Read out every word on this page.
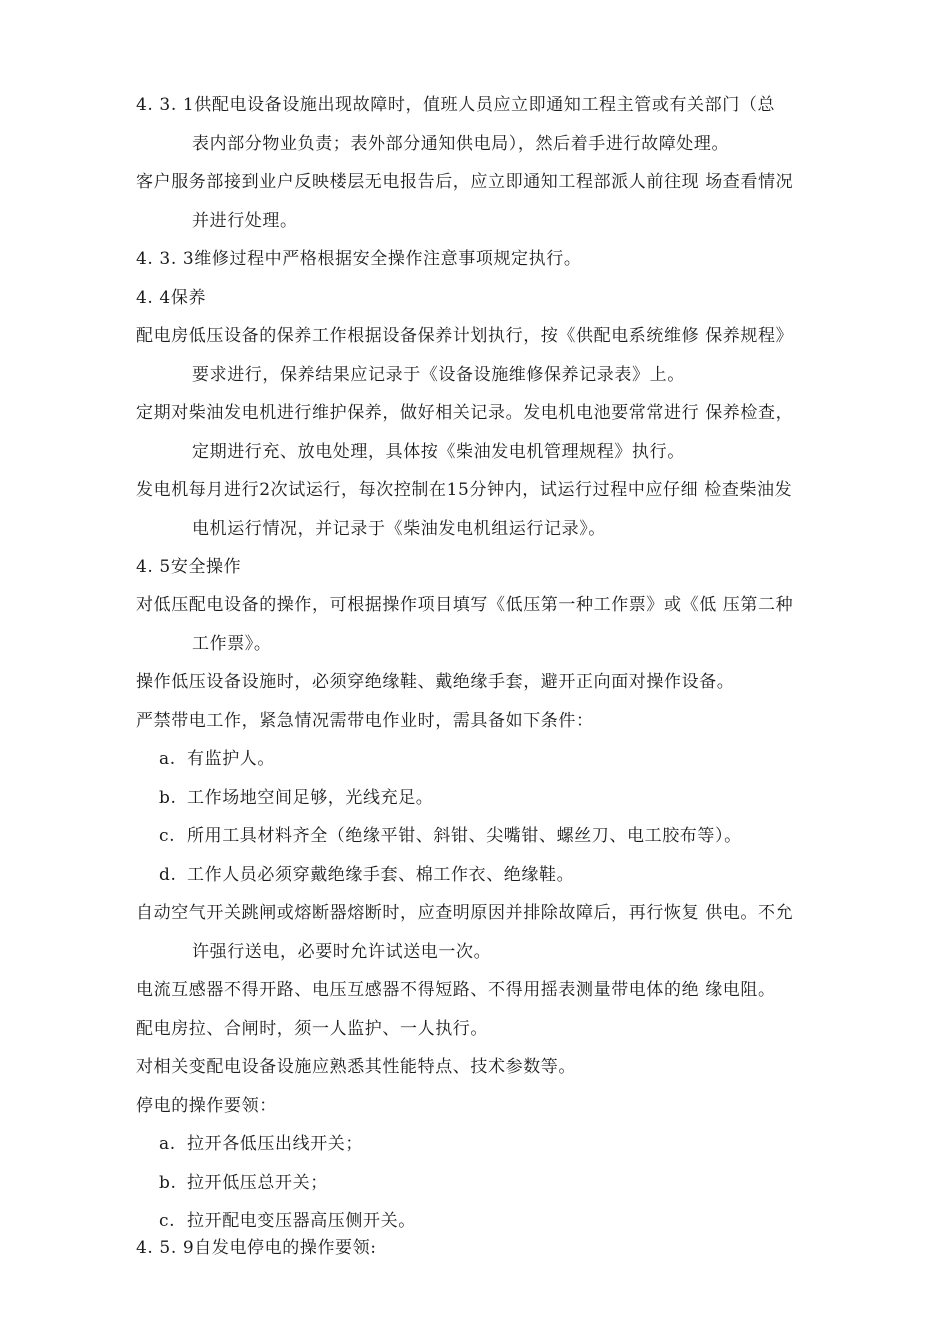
4. 3. 1供配电设备设施出现故障时，值班人员应立即通知工程主管或有关部门（总
表内部分物业负责；表外部分通知供电局），然后着手进行故障处理。
客户服务部接到业户反映楼层无电报告后，应立即通知工程部派人前往现 场查看情况
并进行处理。
4. 3. 3维修过程中严格根据安全操作注意事项规定执行。
4. 4保养
配电房低压设备的保养工作根据设备保养计划执行，按《供配电系统维修 保养规程》
要求进行，保养结果应记录于《设备设施维修保养记录表》上。
定期对柴油发电机进行维护保养，做好相关记录。发电机电池要常常进行 保养检查，
定期进行充、放电处理，具体按《柴油发电机管理规程》执行。
发电机每月进行2次试运行，每次控制在15分钟内，试运行过程中应仔细 检查柴油发
电机运行情况，并记录于《柴油发电机组运行记录》。
4. 5安全操作
对低压配电设备的操作，可根据操作项目填写《低压第一种工作票》或《低 压第二种
工作票》。
操作低压设备设施时，必须穿绝缘鞋、戴绝缘手套，避开正向面对操作设备。
严禁带电工作，紧急情况需带电作业时，需具备如下条件：
a. 有监护人。
b. 工作场地空间足够，光线充足。
c. 所用工具材料齐全（绝缘平钳、斜钳、尖嘴钳、螺丝刀、电工胶布等）。
d. 工作人员必须穿戴绝缘手套、棉工作衣、绝缘鞋。
自动空气开关跳闸或熔断器熔断时，应查明原因并排除故障后，再行恢复 供电。不允
许强行送电，必要时允许试送电一次。
电流互感器不得开路、电压互感器不得短路、不得用摇表测量带电体的绝 缘电阻。
配电房拉、合闸时，须一人监护、一人执行。
对相关变配电设备设施应熟悉其性能特点、技术参数等。
停电的操作要领：
a. 拉开各低压出线开关；
b. 拉开低压总开关；
c. 拉开配电变压器高压侧开关。
4. 5. 9自发电停电的操作要领:
